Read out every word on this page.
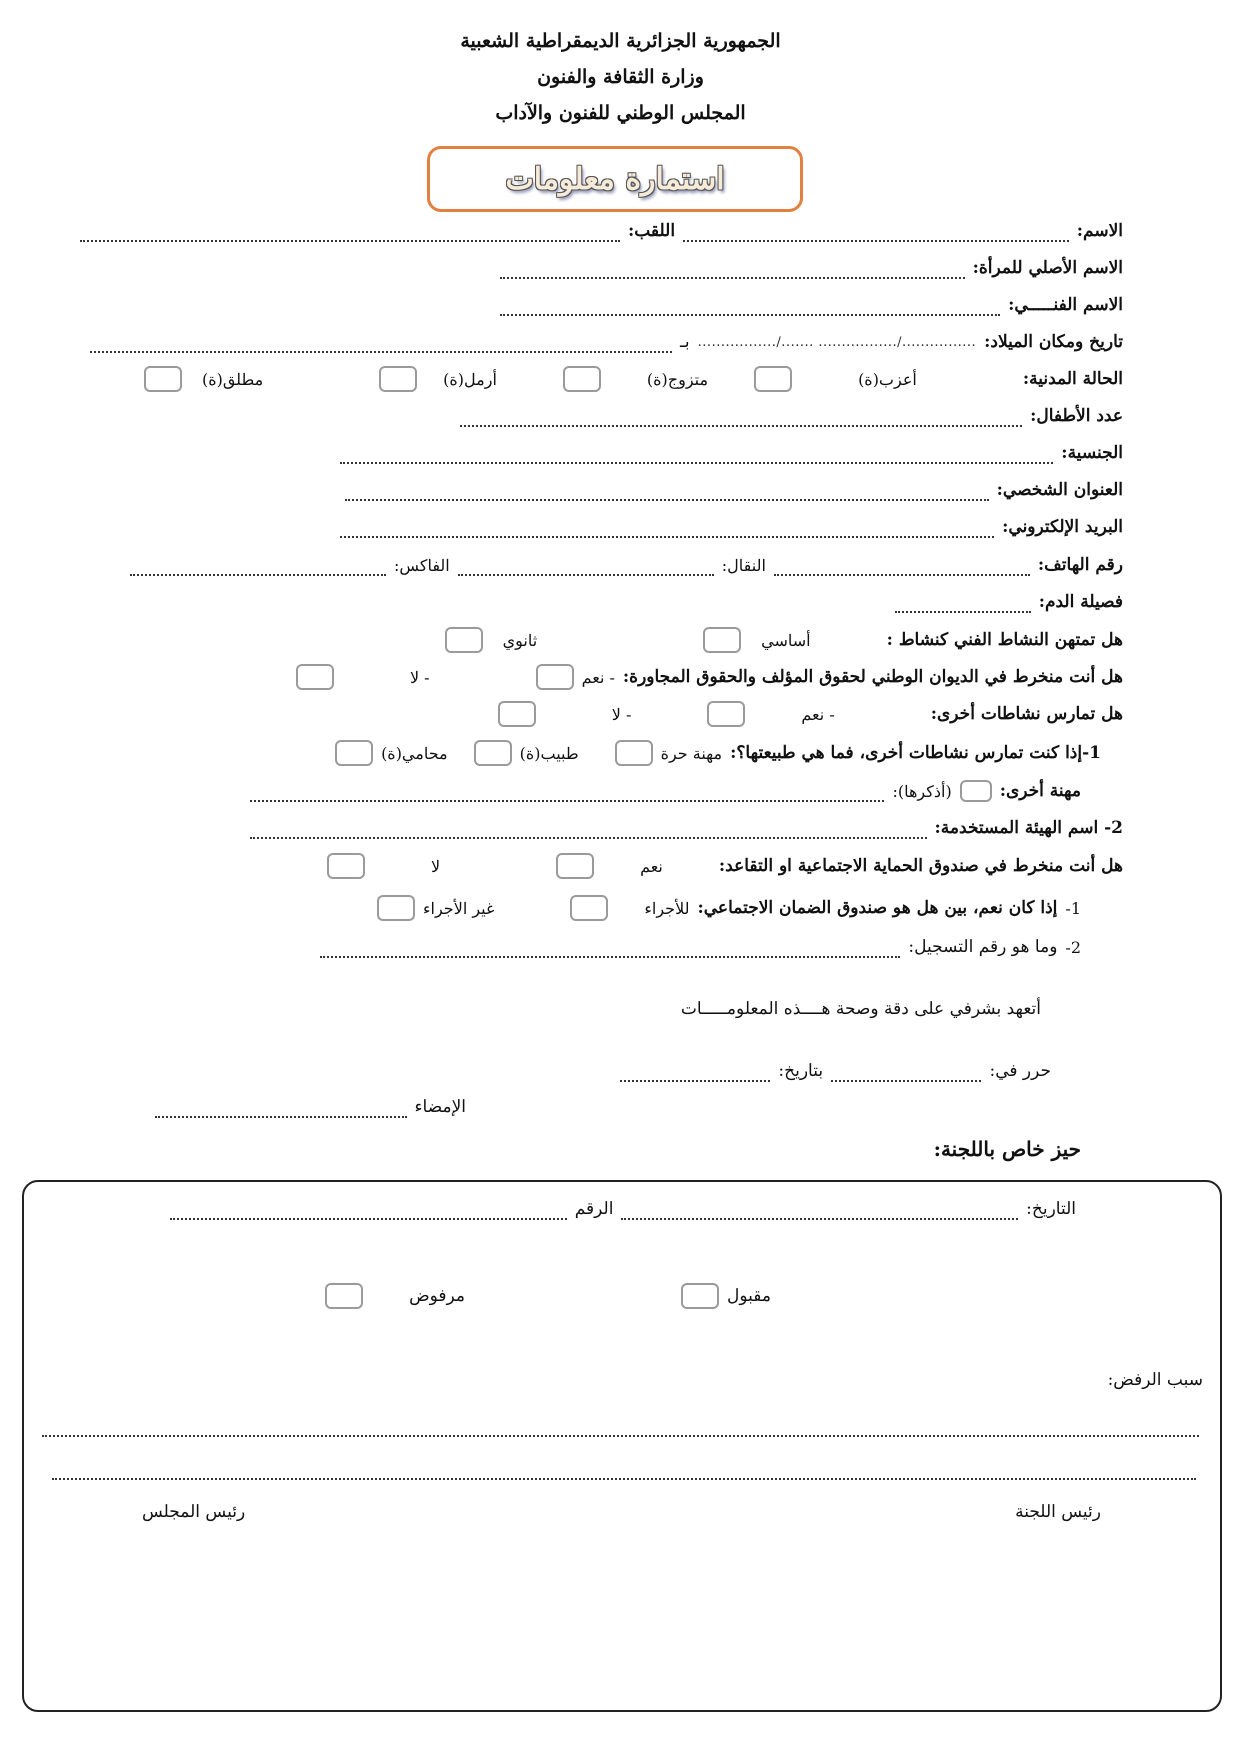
الجمهورية الجزائرية الديمقراطية الشعبية
وزارة الثقافة والفنون
المجلس الوطني للفنون والآداب
استمارة معلومات
الاسم:
اللقب:
الاسم الأصلي للمرأة:
الاسم الفنـــــي:
تاريخ ومكان الميلاد:
................./....... ................./................
بـ
الحالة المدنية:
أعزب(ة)
متزوج(ة)
أرمل(ة)
مطلق(ة)
عدد الأطفال:
الجنسية:
العنوان الشخصي:
البريد الإلكتروني:
رقم الهاتف:
النقال:
الفاكس:
فصيلة الدم:
هل تمتهن النشاط الفني كنشاط :
أساسي
ثانوي
هل أنت منخرط في الديوان الوطني لحقوق المؤلف والحقوق المجاورة:
- نعم
- لا
هل تمارس نشاطات أخرى:
- نعم
- لا
1-إذا كنت تمارس نشاطات أخرى، فما هي طبيعتها؟:
مهنة حرة
طبيب(ة)
محامي(ة)
مهنة أخرى:
(أذكرها):
2- اسم الهيئة المستخدمة:
هل أنت منخرط في صندوق الحماية الاجتماعية او التقاعد:
نعم
لا
-1
إذا كان نعم، بين هل هو صندوق الضمان الاجتماعي:
للأجراء
غير الأجراء
-2
وما هو رقم التسجيل:
أتعهد بشرفي على دقة وصحة هــــذه المعلومـــــات
حرر في:
بتاريخ:
الإمضاء
حيز خاص باللجنة:
التاريخ:
الرقم
مقبول
مرفوض
سبب الرفض:
رئيس اللجنة
رئيس المجلس
